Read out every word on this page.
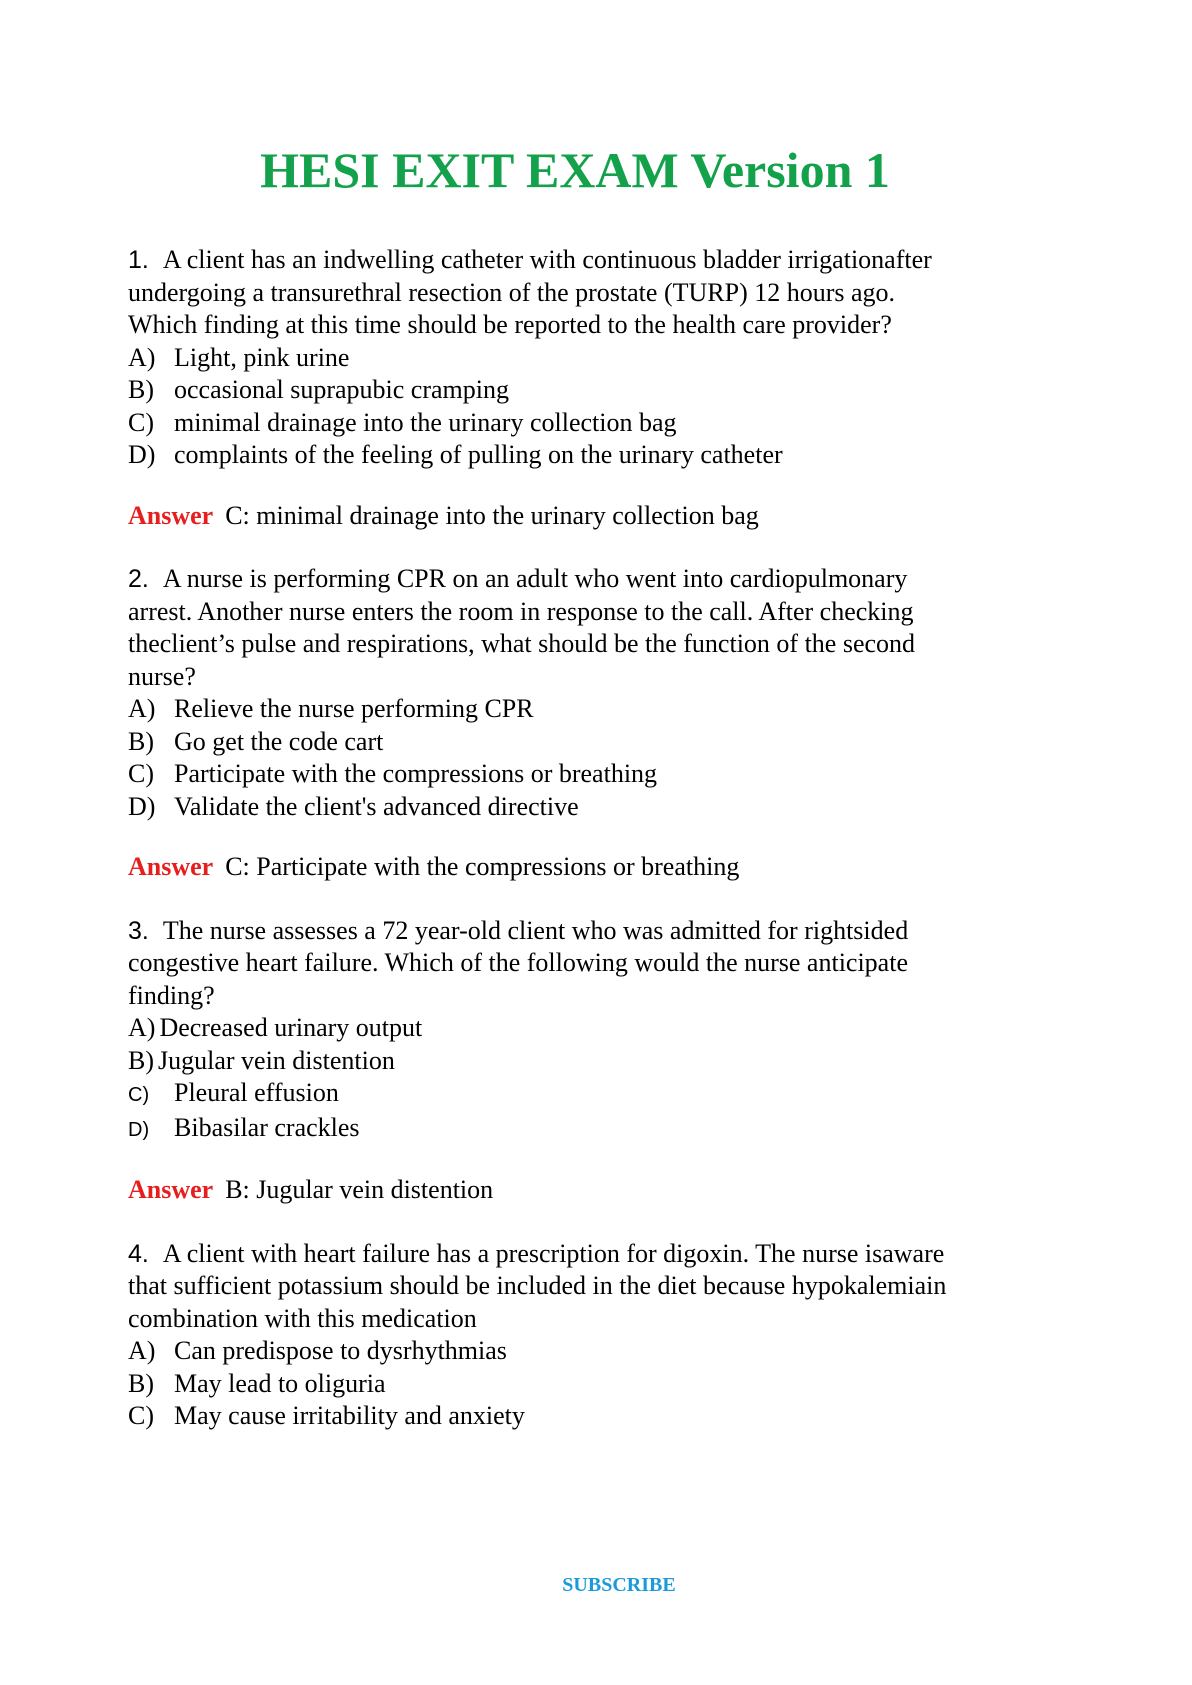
HESI EXIT EXAM Version 1

1. A client has an indwelling catheter with continuous bladder irrigationafter

undergoing a transurethral resection of the prostate (TURP) 12 hours ago.

Which finding at this time should be reported to the health care provider?

A) Light, pink urine

B) occasional suprapubic cramping

C) minimal drainage into the urinary collection bag

D) complaints of the feeling of pulling on the urinary catheter

Answer C: minimal drainage into the urinary collection bag

2. A nurse is performing CPR on an adult who went into cardiopulmonary

arrest. Another nurse enters the room in response to the call. After checking

theclient’s pulse and respirations, what should be the function of the second

nurse?

A) Relieve the nurse performing CPR

B) Go get the code cart

C) Participate with the compressions or breathing

D) Validate the client's advanced directive

Answer C: Participate with the compressions or breathing

3. The nurse assesses a 72 year-old client who was admitted for rightsided

congestive heart failure. Which of the following would the nurse anticipate

finding?

A) Decreased urinary output

B) Jugular vein distention

C) Pleural effusion

D) Bibasilar crackles

Answer B: Jugular vein distention

4. A client with heart failure has a prescription for digoxin. The nurse isaware

that sufficient potassium should be included in the diet because hypokalemiain

combination with this medication

A) Can predispose to dysrhythmias

B) May lead to oliguria

C) May cause irritability and anxiety

SUBSCRIBE
